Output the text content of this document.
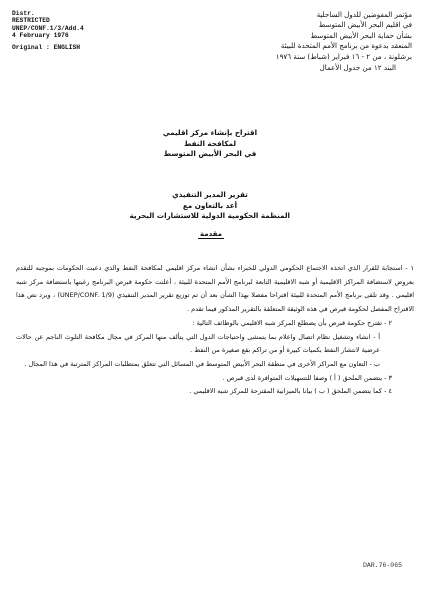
Distr.
RESTRICTED
UNEP/CONF.1/3/Add.4
4 February 1976
Original : ENGLISH
مؤتمر المفوضين للدول الساحلية
في اقليم البحر الأبيض المتوسط
بشأن حماية البحر الأبيض المتوسط
المنعقد بدعوة من برنامج الأمم المتحدة للبيئة
برشلونة ، من ٢ - ١٦ فبراير (شباط) سنة ١٩٧٦
البند ١٢ من جدول الأعمال
اقتراح بإنشاء مركز اقليمي
لمكافحة النفط
في البحر الأبيض المتوسط
تقرير المدير التنفيذي
أعد بالتعاون مع
المنظمة الحكومية الدولية للاستشارات البحرية
مقدمة

١ - استجابة للقرار الذي اتخذه الاجتماع الحكومي الدولي للخبراء بشأن انشاء مركز اقليمي لمكافحة النفط والذي دعيت الحكومات بموجبه للتقدم بعروض لاستضافة المراكز الاقليمية أو شبه الاقليمية التابعة لبرنامج الأمم المتحدة للبيئة ، أعلنت حكومة قبرص البرنامج رغبتها باستضافة مركز شبه اقليمي . وقد تلقى برنامج الأمم المتحدة للبيئة اقتراحا مفصلا بهذا الشأن بعد أن تم توزيع تقرير المدير التنفيذي (UNEP/CONF. 1/9) ، ويرد نص هذا الاقتراح المفصل لحكومة قبرص في هذه الوثيقة المتعلقة بالتقرير المذكور فيما تقدم .

٢ - تقترح حكومة قبرص بأن يضطلع المركز شبه الاقليمي بالوظائف التالية :

أ - انشاء وتشغيل نظام اتصال واعلام بما يتمشى واحتياجات الدول التي يتألف منها المركز في مجال مكافحة التلوث الناجم عن حالات عرضية لانتشار النفط بكميات كبيرة أو من تراكم بقع صغيرة من النفط .

ب - التعاون مع المراكز الأخرى في منطقة البحر الأبيض المتوسط في المسائل التي تتعلق بمتطلبات المراكز المترتبة في هذا المجال .

٣ - يتضمن الملحق ( أ ) وصفا للتسهيلات المتوافرة لدى قبرص .

٤ - كما يتضمن الملحق ( ب ) بيانا بالميزانية المقترحة للمركز شبه الاقليمي .

DAR.76-065
